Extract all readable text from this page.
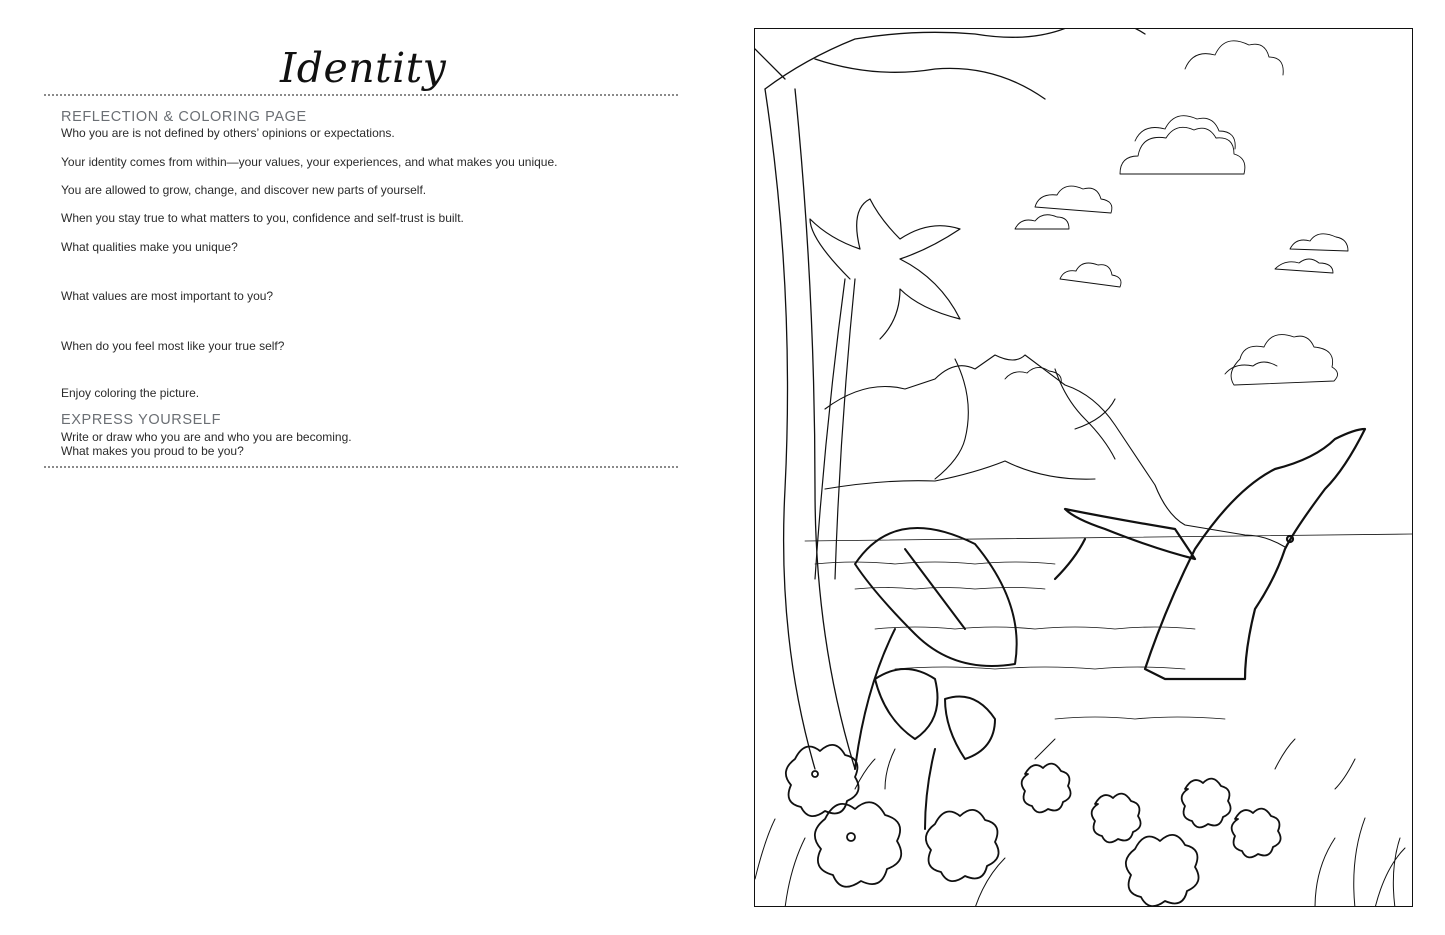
Identity
REFLECTION & COLORING PAGE
Who you are is not defined by others’ opinions or expectations.
Your identity comes from within—your values, your experiences, and what makes you unique.
You are allowed to grow, change, and discover new parts of yourself.
When you stay true to what matters to you, confidence and self-trust is built.
What qualities make you unique?
What values are most important to you?
When do you feel most like your true self?
Enjoy coloring the picture.
EXPRESS YOURSELF
Write or draw who you are and who you are becoming.
What makes you proud to be you?
